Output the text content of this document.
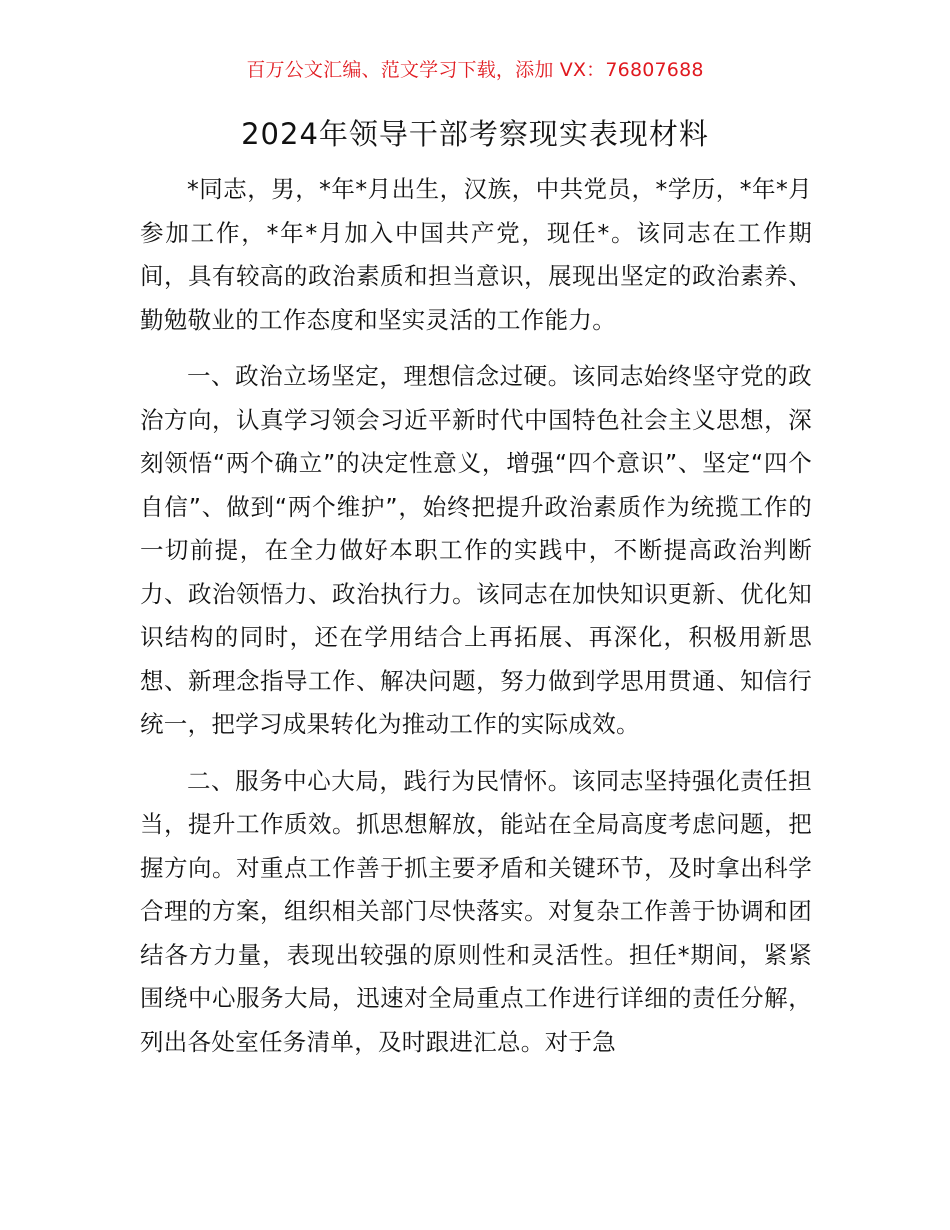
百万公文汇编、范文学习下载，添加 VX：76807688
2024年领导干部考察现实表现材料

*同志，男，*年*月出生，汉族，中共党员，*学历，*年*月参加工作，*年*月加入中国共产党，现任*。该同志在工作期间，具有较高的政治素质和担当意识，展现出坚定的政治素养、勤勉敬业的工作态度和坚实灵活的工作能力。

一、政治立场坚定，理想信念过硬。该同志始终坚守党的政治方向，认真学习领会习近平新时代中国特色社会主义思想，深刻领悟“两个确立”的决定性意义，增强“四个意识”、坚定“四个自信”、做到“两个维护”，始终把提升政治素质作为统揽工作的一切前提，在全力做好本职工作的实践中，不断提高政治判断力、政治领悟力、政治执行力。该同志在加快知识更新、优化知识结构的同时，还在学用结合上再拓展、再深化，积极用新思想、新理念指导工作、解决问题，努力做到学思用贯通、知信行统一，把学习成果转化为推动工作的实际成效。

二、服务中心大局，践行为民情怀。该同志坚持强化责任担当，提升工作质效。抓思想解放，能站在全局高度考虑问题，把握方向。对重点工作善于抓主要矛盾和关键环节，及时拿出科学合理的方案，组织相关部门尽快落实。对复杂工作善于协调和团结各方力量，表现出较强的原则性和灵活性。担任*期间，紧紧围绕中心服务大局，迅速对全局重点工作进行详细的责任分解，列出各处室任务清单，及时跟进汇总。对于急
